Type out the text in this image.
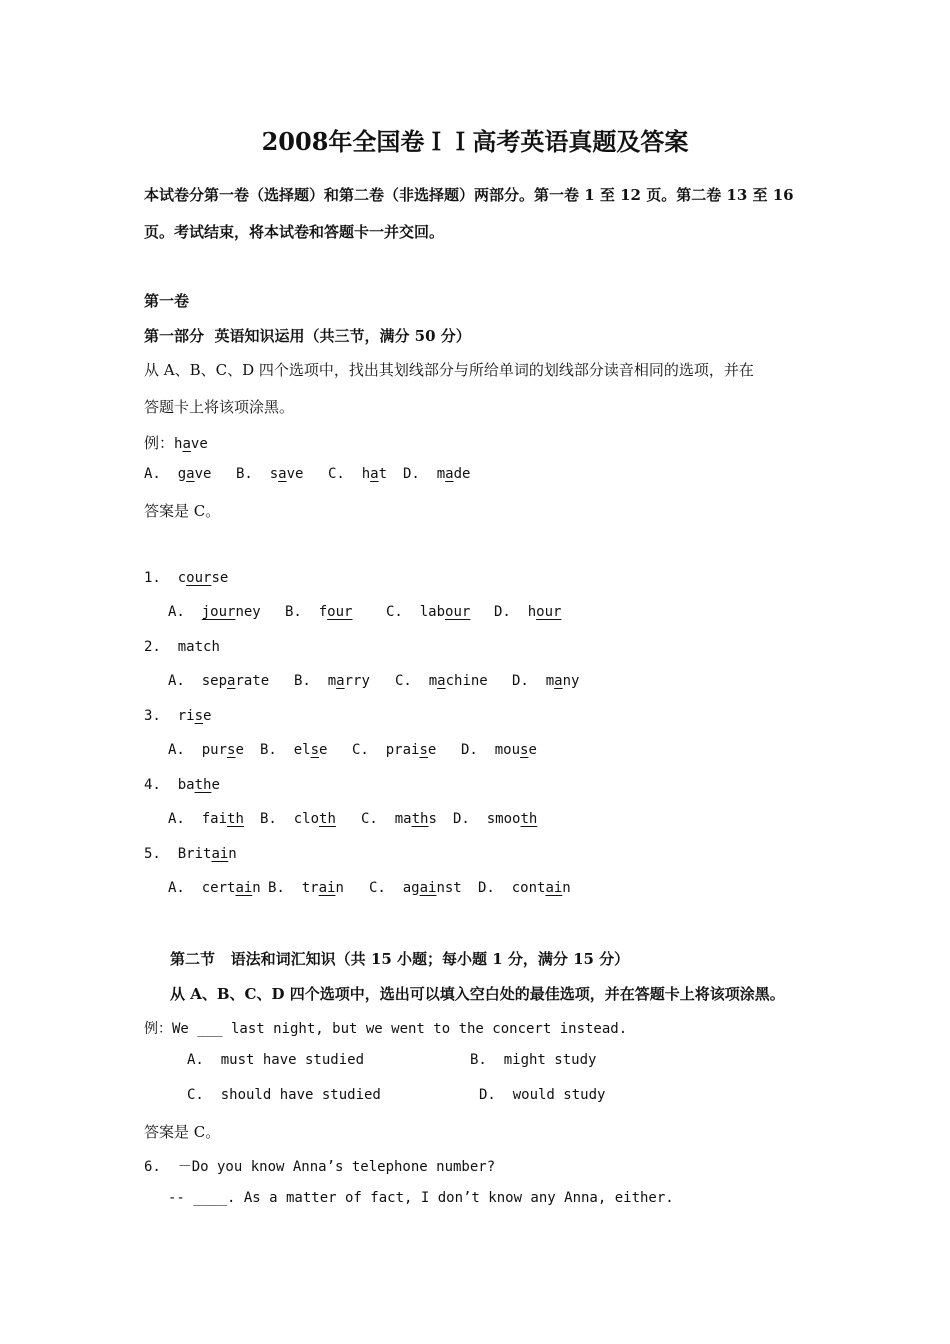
2008年全国卷ＩＩ高考英语真题及答案
本试卷分第一卷（选择题）和第二卷（非选择题）两部分。第一卷 1 至 12 页。第二卷 13 至 16
页。考试结束，将本试卷和答题卡一并交回。
第一卷
第一部分  英语知识运用（共三节，满分 50 分）
从 A、B、C、D 四个选项中，找出其划线部分与所给单词的划线部分读音相同的选项，并在
答题卡上将该项涂黑。
例：have
A.  gave B.  save C.  hat D.  made
答案是 C。
1.  course
A.  journey B.  four C.  labour D.  hour
2.  match
A.  separate B.  marry C.  machine D.  many
3.  rise
A.  purse B.  else C.  praise D.  mouse
4.  bathe
A.  faith B.  cloth C.  maths D.  smooth
5.  Britain
A.  certain B.  train C.  against D.  contain
第二节   语法和词汇知识（共 15 小题；每小题 1 分，满分 15 分）
从 A、B、C、D 四个选项中，选出可以填入空白处的最佳选项，并在答题卡上将该项涂黑。
例：We ___ last night, but we went to the concert instead.
A.  must have studied	B.  might study
C.  should have studied	D.  would study
答案是 C。
6.  －Do you know Anna’s telephone number?
-- ____. As a matter of fact, I don’t know any Anna, either.
